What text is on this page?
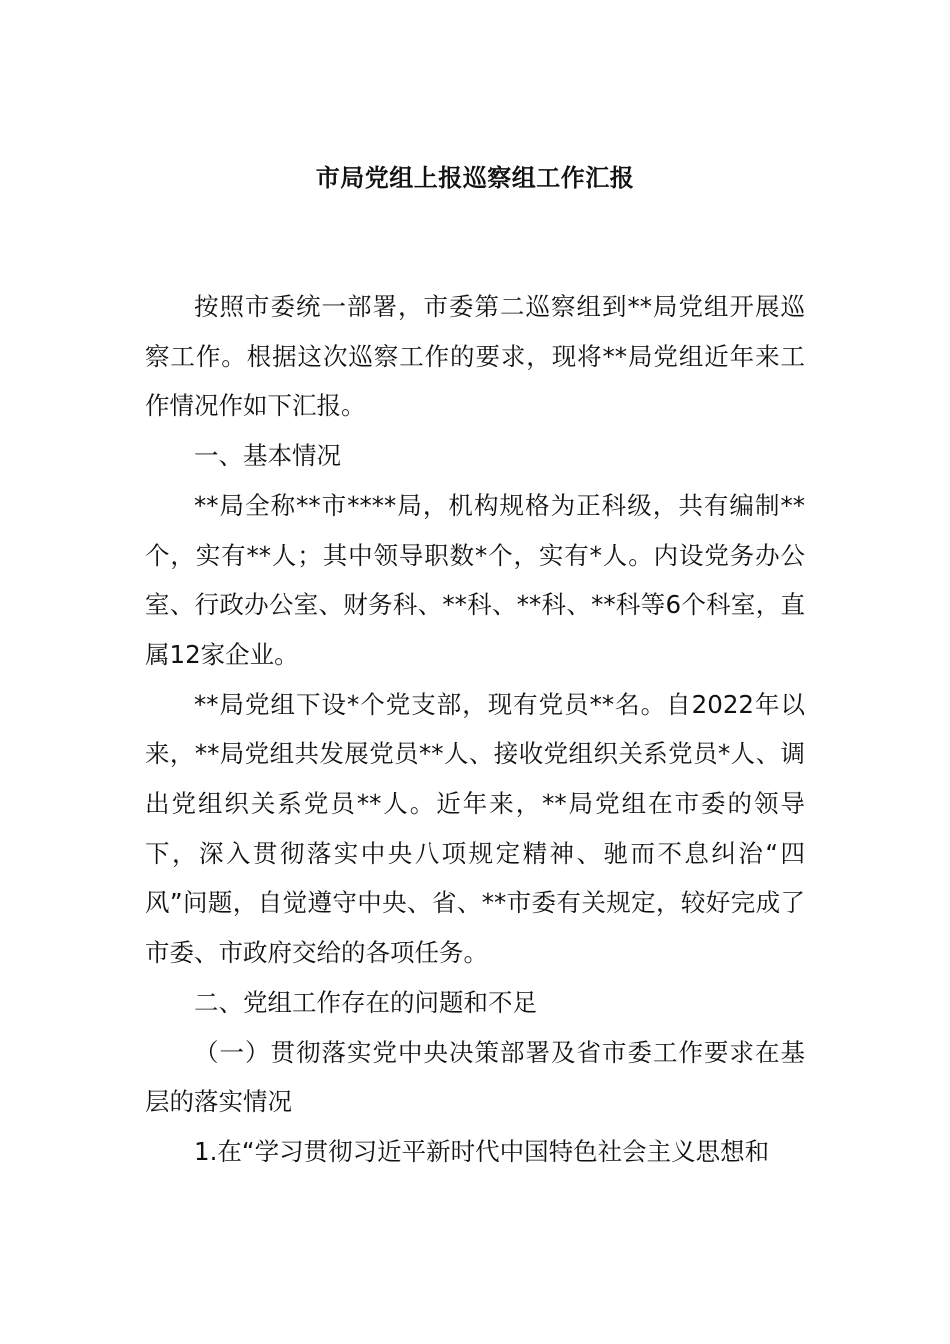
市局党组上报巡察组工作汇报

按照市委统一部署，市委第二巡察组到**局党组开展巡察工作。根据这次巡察工作的要求，现将**局党组近年来工作情况作如下汇报。

一、基本情况

**局全称**市****局，机构规格为正科级，共有编制**个，实有**人；其中领导职数*个，实有*人。内设党务办公室、行政办公室、财务科、**科、**科、**科等6个科室，直属12家企业。

**局党组下设*个党支部，现有党员**名。自2022年以来，**局党组共发展党员**人、接收党组织关系党员*人、调出党组织关系党员**人。近年来，**局党组在市委的领导下，深入贯彻落实中央八项规定精神、驰而不息纠治“四风”问题，自觉遵守中央、省、**市委有关规定，较好完成了市委、市政府交给的各项任务。

二、党组工作存在的问题和不足

（一）贯彻落实党中央决策部署及省市委工作要求在基层的落实情况

1.在“学习贯彻习近平新时代中国特色社会主义思想和
